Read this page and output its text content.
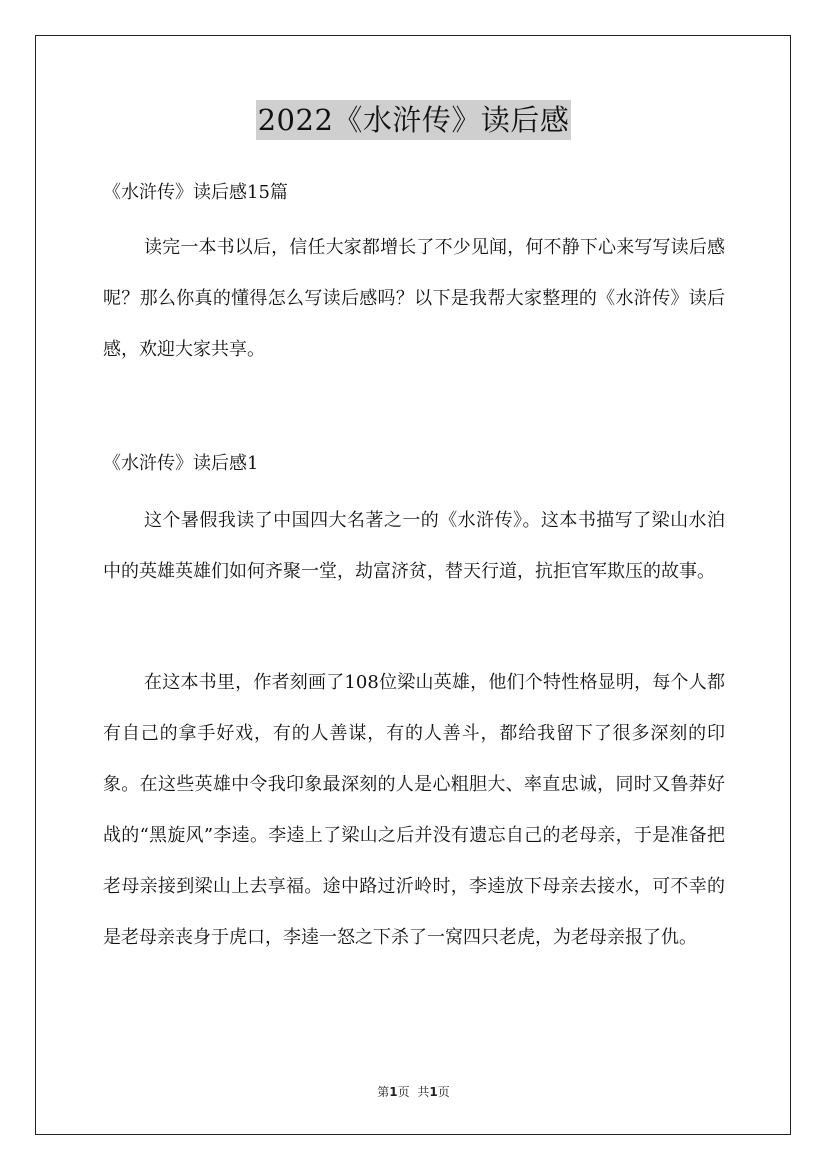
2022《水浒传》读后感

《水浒传》读后感15篇

读完一本书以后，信任大家都增长了不少见闻，何不静下心来写写读后感呢？那么你真的懂得怎么写读后感吗？以下是我帮大家整理的《水浒传》读后感，欢迎大家共享。

《水浒传》读后感1

这个暑假我读了中国四大名著之一的《水浒传》。这本书描写了梁山水泊中的英雄英雄们如何齐聚一堂，劫富济贫，替天行道，抗拒官军欺压的故事。

在这本书里，作者刻画了108位梁山英雄，他们个特性格显明，每个人都有自己的拿手好戏，有的人善谋，有的人善斗，都给我留下了很多深刻的印象。在这些英雄中令我印象最深刻的人是心粗胆大、率直忠诚，同时又鲁莽好战的“黑旋风”李逵。李逵上了梁山之后并没有遗忘自己的老母亲，于是准备把老母亲接到梁山上去享福。途中路过沂岭时，李逵放下母亲去接水，可不幸的是老母亲丧身于虎口，李逵一怒之下杀了一窝四只老虎，为老母亲报了仇。

第1页 共1页
